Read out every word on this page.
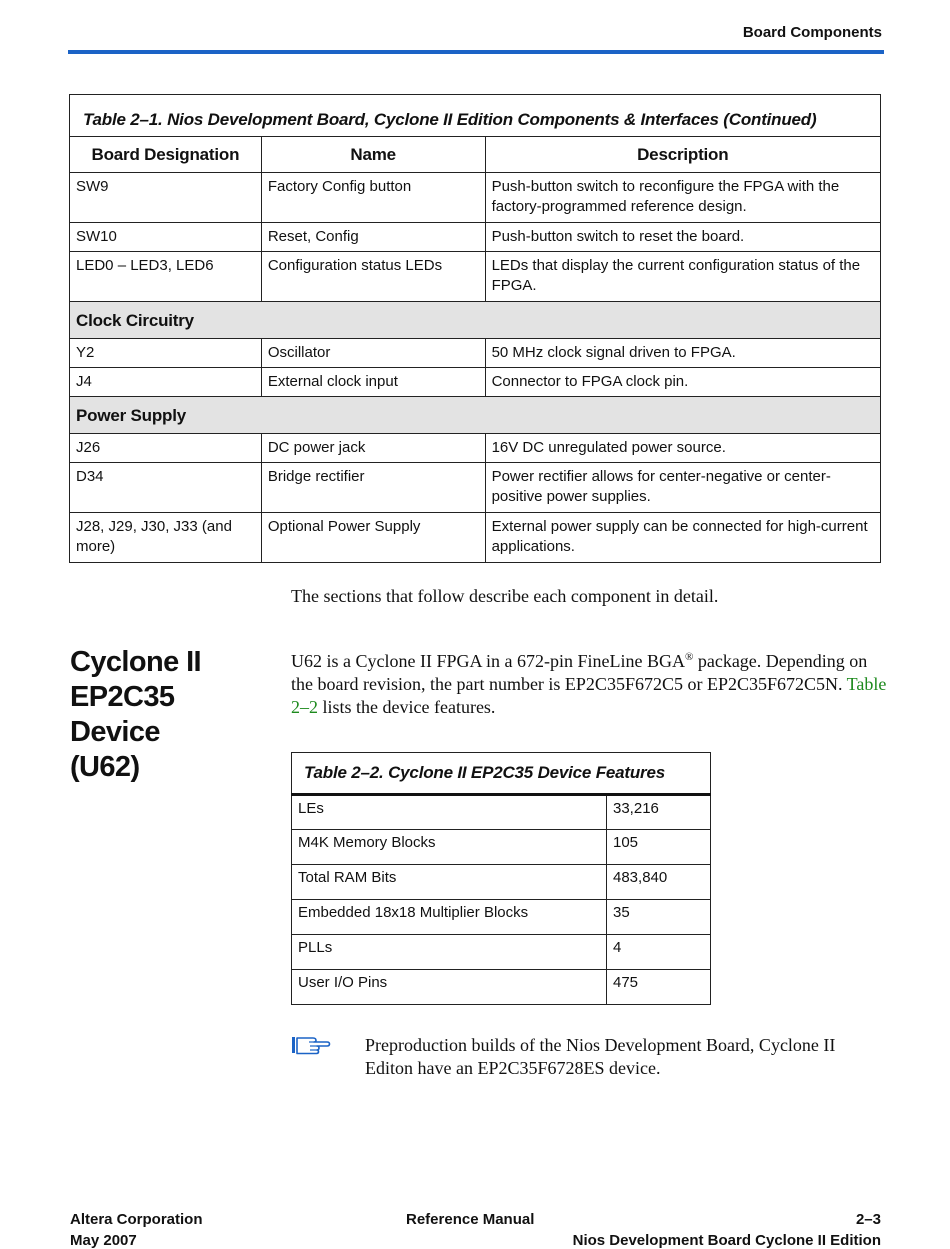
Board Components
Table 2–1. Nios Development Board, Cyclone II Edition Components & Interfaces (Continued)		
Board Designation	Name	Description
SW9	Factory Config button	Push-button switch to reconfigure the FPGA with the factory-programmed reference design.
SW10	Reset, Config	Push-button switch to reset the board.
LED0 – LED3, LED6	Configuration status LEDs	LEDs that display the current configuration status of the FPGA.
Clock Circuitry		
Y2	Oscillator	50 MHz clock signal driven to FPGA.
J4	External clock input	Connector to FPGA clock pin.
Power Supply		
J26	DC power jack	16V DC unregulated power source.
D34	Bridge rectifier	Power rectifier allows for center-negative or center-positive power supplies.
J28, J29, J30, J33 (and more)	Optional Power Supply	External power supply can be connected for high-current applications.

The sections that follow describe each component in detail.

Cyclone II
EP2C35 Device
(U62)

U62 is a Cyclone II FPGA in a 672-pin FineLine BGA® package. Depending on the board revision, the part number is EP2C35F672C5 or EP2C35F672C5N. Table 2–2 lists the device features.

Table 2–2. Cyclone II EP2C35 Device Features	
LEs	33,216
M4K Memory Blocks	105
Total RAM Bits	483,840
Embedded 18x18 Multiplier Blocks	35
PLLs	4
User I/O Pins	475

Preproduction builds of the Nios Development Board, Cyclone II Editon have an EP2C35F6728ES device.

Altera Corporation
May 2007
Reference Manual	2–3
Nios Development Board Cyclone II Edition
